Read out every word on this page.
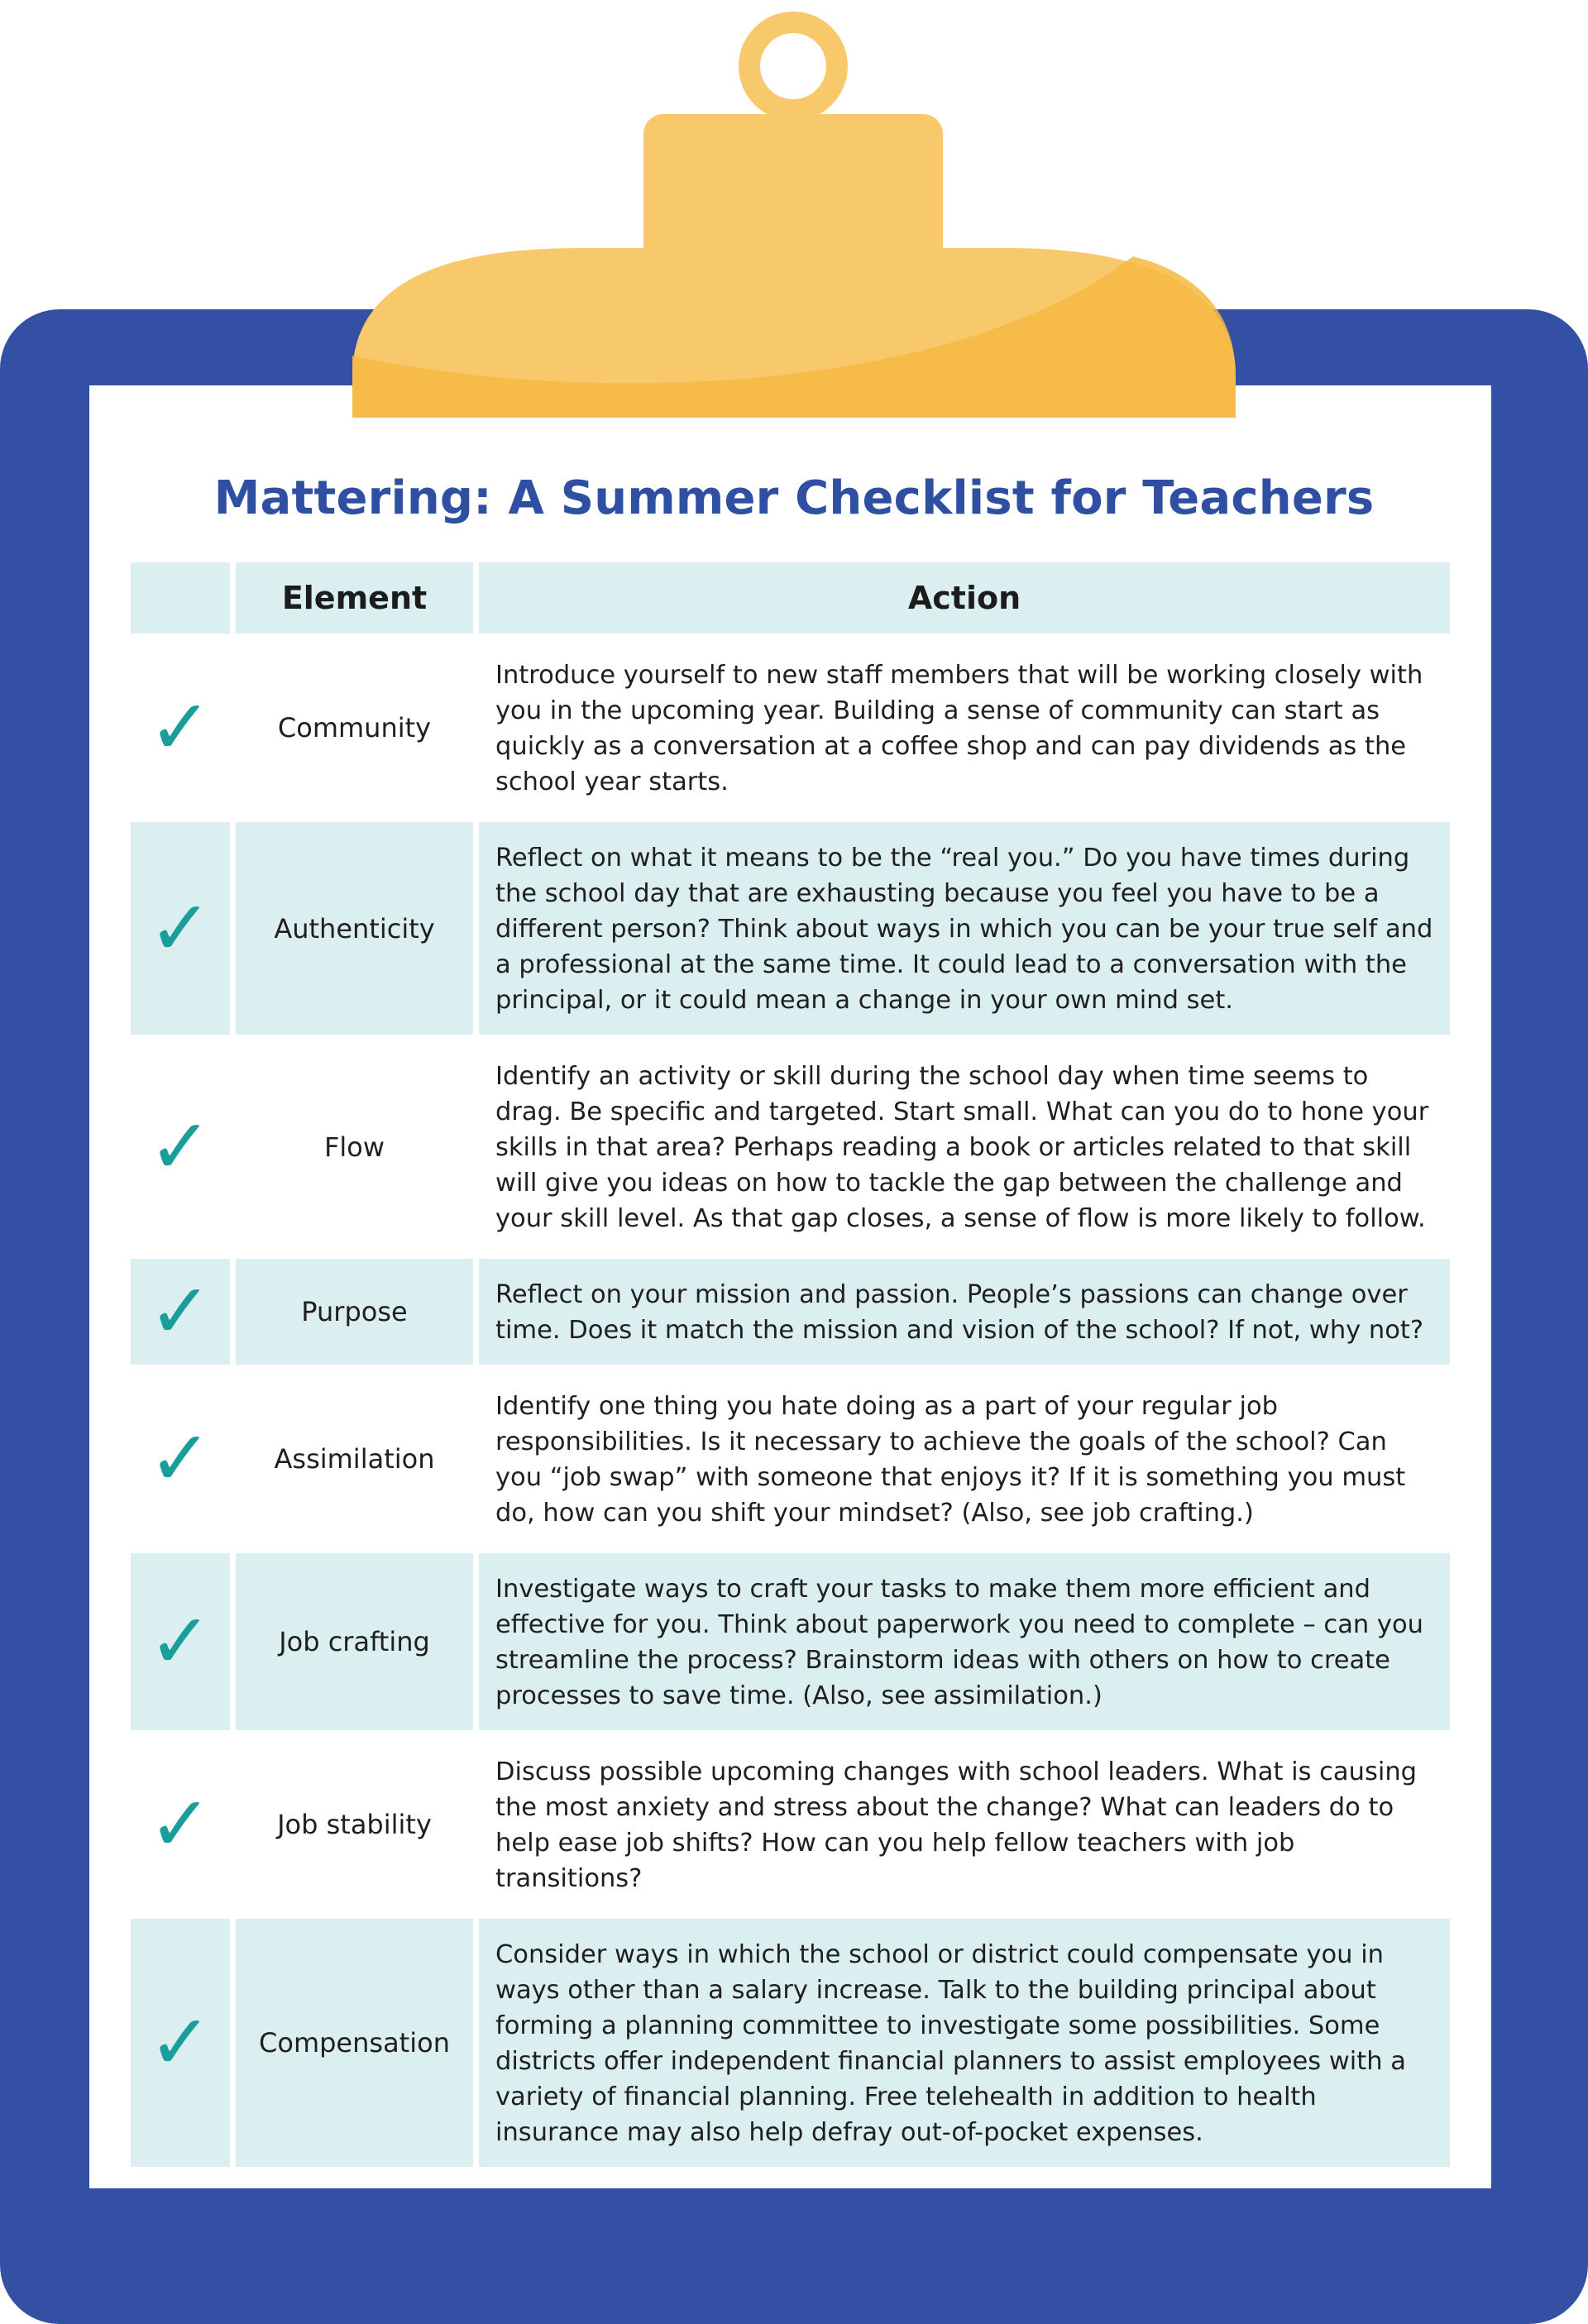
Mattering: A Summer Checklist for Teachers
	Element	Action
✓	Community	Introduce yourself to new staff members that will be working closely with you in the upcoming year. Building a sense of community can start as quickly as a conversation at a coffee shop and can pay dividends as the school year starts.
✓	Authenticity	Reflect on what it means to be the “real you.” Do you have times during the school day that are exhausting because you feel you have to be a different person? Think about ways in which you can be your true self and a professional at the same time. It could lead to a conversation with the principal, or it could mean a change in your own mind set.
✓	Flow	Identify an activity or skill during the school day when time seems to drag. Be specific and targeted. Start small. What can you do to hone your skills in that area? Perhaps reading a book or articles related to that skill will give you ideas on how to tackle the gap between the challenge and your skill level. As that gap closes, a sense of flow is more likely to follow.
✓	Purpose	Reflect on your mission and passion. People’s passions can change over time. Does it match the mission and vision of the school? If not, why not?
✓	Assimilation	Identify one thing you hate doing as a part of your regular job responsibilities. Is it necessary to achieve the goals of the school? Can you “job swap” with someone that enjoys it? If it is something you must do, how can you shift your mindset? (Also, see job crafting.)
✓	Job crafting	Investigate ways to craft your tasks to make them more efficient and effective for you. Think about paperwork you need to complete – can you streamline the process? Brainstorm ideas with others on how to create processes to save time. (Also, see assimilation.)
✓	Job stability	Discuss possible upcoming changes with school leaders. What is causing the most anxiety and stress about the change? What can leaders do to help ease job shifts? How can you help fellow teachers with job transitions?
✓	Compensation	Consider ways in which the school or district could compensate you in ways other than a salary increase. Talk to the building principal about forming a planning committee to investigate some possibilities. Some districts offer independent financial planners to assist employees with a variety of financial planning. Free telehealth in addition to health insurance may also help defray out-of-pocket expenses.
